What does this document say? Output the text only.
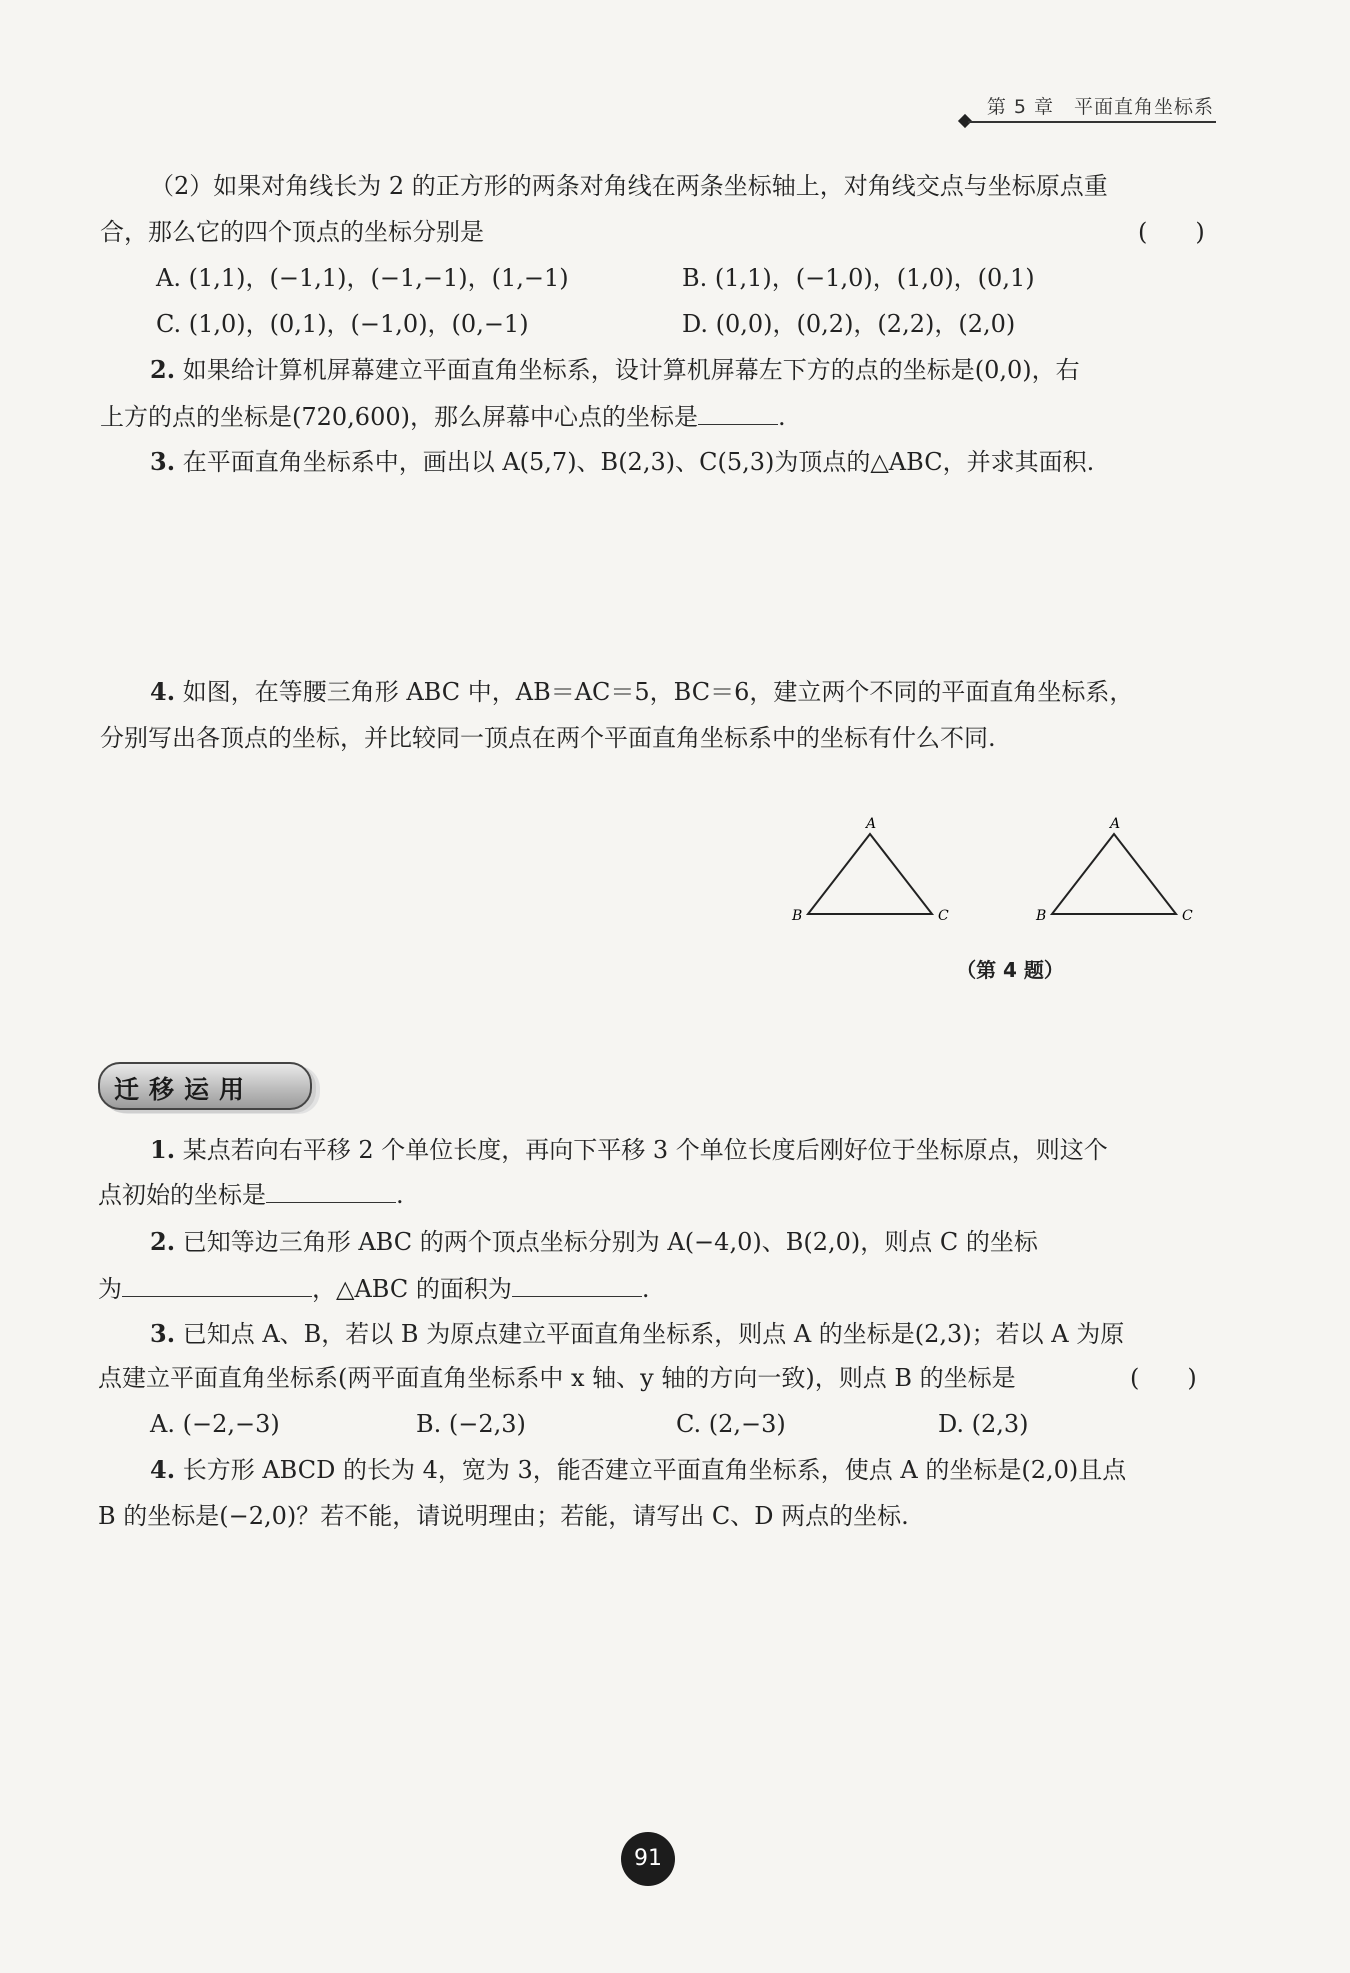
第 5 章　平面直角坐标系
（2）如果对角线长为 2 的正方形的两条对角线在两条坐标轴上，对角线交点与坐标原点重
合，那么它的四个顶点的坐标分别是	(　　)
A. (1,1)，(−1,1)，(−1,−1)，(1,−1)	B. (1,1)，(−1,0)，(1,0)，(0,1)
C. (1,0)，(0,1)，(−1,0)，(0,−1)	D. (0,0)，(0,2)，(2,2)，(2,0)
2. 如果给计算机屏幕建立平面直角坐标系，设计算机屏幕左下方的点的坐标是(0,0)，右
上方的点的坐标是(720,600)，那么屏幕中心点的坐标是	.
3. 在平面直角坐标系中，画出以 A(5,7)、B(2,3)、C(5,3)为顶点的△ABC，并求其面积.
4. 如图，在等腰三角形 ABC 中，AB＝AC＝5，BC＝6，建立两个不同的平面直角坐标系，
分别写出各顶点的坐标，并比较同一顶点在两个平面直角坐标系中的坐标有什么不同.
A
B	C
A
B	C
（第 4 题）
迁移运用
1. 某点若向右平移 2 个单位长度，再向下平移 3 个单位长度后刚好位于坐标原点，则这个
点初始的坐标是	.
2. 已知等边三角形 ABC 的两个顶点坐标分别为 A(−4,0)、B(2,0)，则点 C 的坐标
为	，△ABC 的面积为	.
3. 已知点 A、B，若以 B 为原点建立平面直角坐标系，则点 A 的坐标是(2,3)；若以 A 为原
点建立平面直角坐标系(两平面直角坐标系中 x 轴、y 轴的方向一致)，则点 B 的坐标是	(　　)
A. (−2,−3)	B. (−2,3)	C. (2,−3)	D. (2,3)
4. 长方形 ABCD 的长为 4，宽为 3，能否建立平面直角坐标系，使点 A 的坐标是(2,0)且点
B 的坐标是(−2,0)？若不能，请说明理由；若能，请写出 C、D 两点的坐标.
91
